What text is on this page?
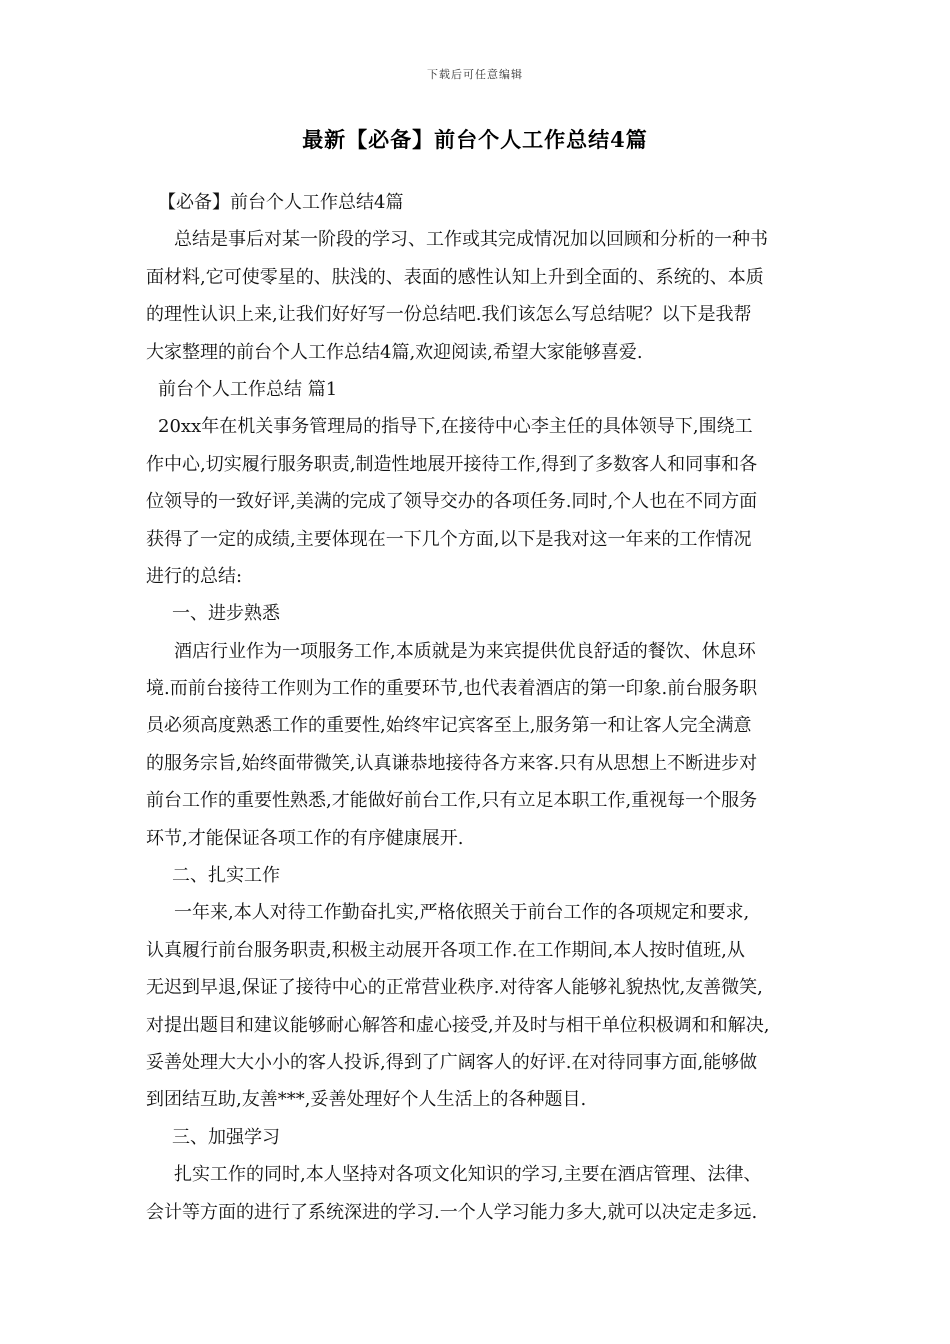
下载后可任意编辑
最新【必备】前台个人工作总结4篇
【必备】前台个人工作总结4篇
总结是事后对某一阶段的学习、工作或其完成情况加以回顾和分析的一种书
面材料,它可使零星的、肤浅的、表面的感性认知上升到全面的、系统的、本质
的理性认识上来,让我们好好写一份总结吧.我们该怎么写总结呢？以下是我帮
大家整理的前台个人工作总结4篇,欢迎阅读,希望大家能够喜爱.
前台个人工作总结 篇1
20xx年在机关事务管理局的指导下,在接待中心李主任的具体领导下,围绕工
作中心,切实履行服务职责,制造性地展开接待工作,得到了多数客人和同事和各
位领导的一致好评,美满的完成了领导交办的各项任务.同时,个人也在不同方面
获得了一定的成绩,主要体现在一下几个方面,以下是我对这一年来的工作情况
进行的总结:
一、进步熟悉
酒店行业作为一项服务工作,本质就是为来宾提供优良舒适的餐饮、休息环
境.而前台接待工作则为工作的重要环节,也代表着酒店的第一印象.前台服务职
员必须高度熟悉工作的重要性,始终牢记宾客至上,服务第一和让客人完全满意
的服务宗旨,始终面带微笑,认真谦恭地接待各方来客.只有从思想上不断进步对
前台工作的重要性熟悉,才能做好前台工作,只有立足本职工作,重视每一个服务
环节,才能保证各项工作的有序健康展开.
二、扎实工作
一年来,本人对待工作勤奋扎实,严格依照关于前台工作的各项规定和要求,
认真履行前台服务职责,积极主动展开各项工作.在工作期间,本人按时值班,从
无迟到早退,保证了接待中心的正常营业秩序.对待客人能够礼貌热忱,友善微笑,
对提出题目和建议能够耐心解答和虚心接受,并及时与相干单位积极调和和解决,
妥善处理大大小小的客人投诉,得到了广阔客人的好评.在对待同事方面,能够做
到团结互助,友善***,妥善处理好个人生活上的各种题目.
三、加强学习
扎实工作的同时,本人坚持对各项文化知识的学习,主要在酒店管理、法律、
会计等方面的进行了系统深进的学习.一个人学习能力多大,就可以决定走多远.
